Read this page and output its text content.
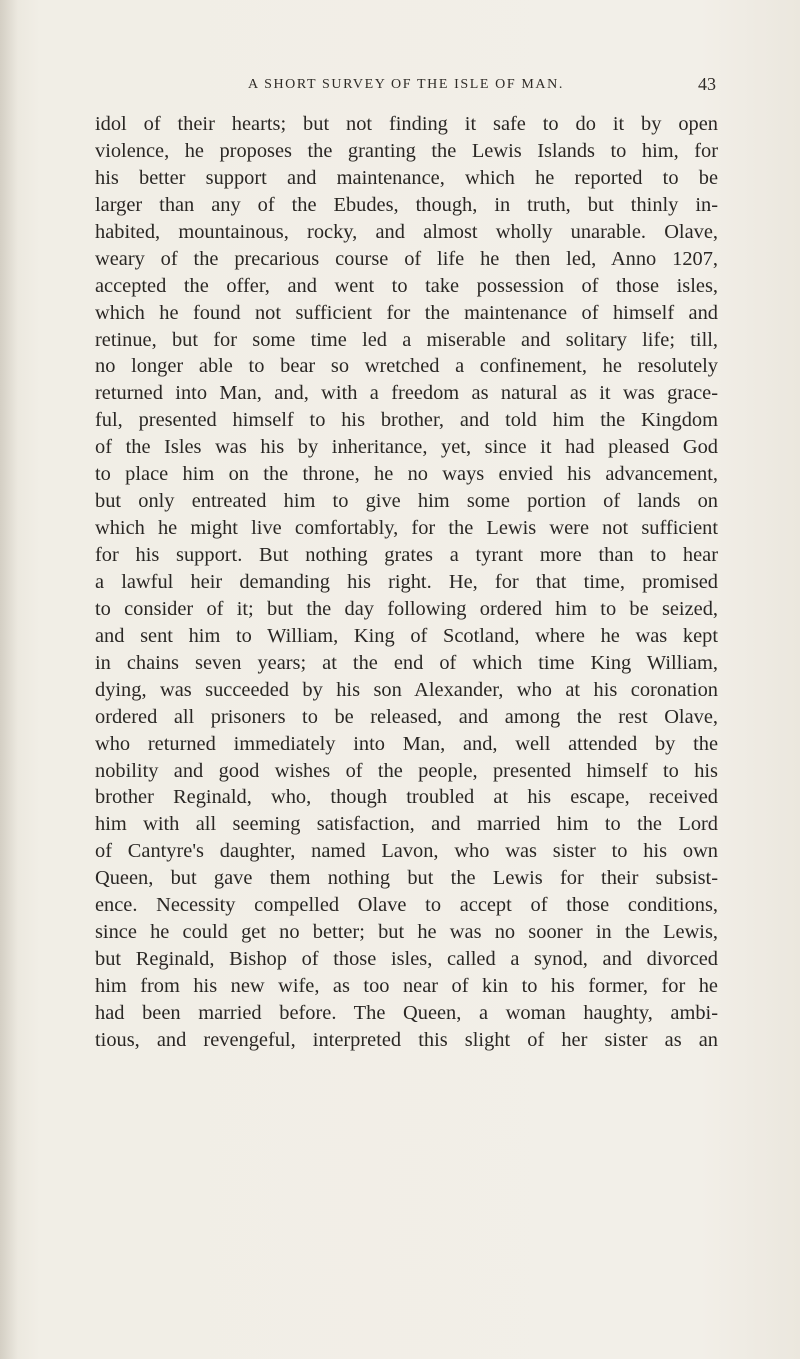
A SHORT SURVEY OF THE ISLE OF MAN.	43
idol of their hearts; but not finding it safe to do it by open
violence, he proposes the granting the Lewis Islands to him, for
his better support and maintenance, which he reported to be
larger than any of the Ebudes, though, in truth, but thinly in-
habited, mountainous, rocky, and almost wholly unarable. Olave,
weary of the precarious course of life he then led, Anno 1207,
accepted the offer, and went to take possession of those isles,
which he found not sufficient for the maintenance of himself and
retinue, but for some time led a miserable and solitary life; till,
no longer able to bear so wretched a confinement, he resolutely
returned into Man, and, with a freedom as natural as it was grace-
ful, presented himself to his brother, and told him the Kingdom
of the Isles was his by inheritance, yet, since it had pleased God
to place him on the throne, he no ways envied his advancement,
but only entreated him to give him some portion of lands on
which he might live comfortably, for the Lewis were not sufficient
for his support. But nothing grates a tyrant more than to hear
a lawful heir demanding his right. He, for that time, promised
to consider of it; but the day following ordered him to be seized,
and sent him to William, King of Scotland, where he was kept
in chains seven years; at the end of which time King William,
dying, was succeeded by his son Alexander, who at his coronation
ordered all prisoners to be released, and among the rest Olave,
who returned immediately into Man, and, well attended by the
nobility and good wishes of the people, presented himself to his
brother Reginald, who, though troubled at his escape, received
him with all seeming satisfaction, and married him to the Lord
of Cantyre's daughter, named Lavon, who was sister to his own
Queen, but gave them nothing but the Lewis for their subsist-
ence. Necessity compelled Olave to accept of those conditions,
since he could get no better; but he was no sooner in the Lewis,
but Reginald, Bishop of those isles, called a synod, and divorced
him from his new wife, as too near of kin to his former, for he
had been married before. The Queen, a woman haughty, ambi-
tious, and revengeful, interpreted this slight of her sister as an
